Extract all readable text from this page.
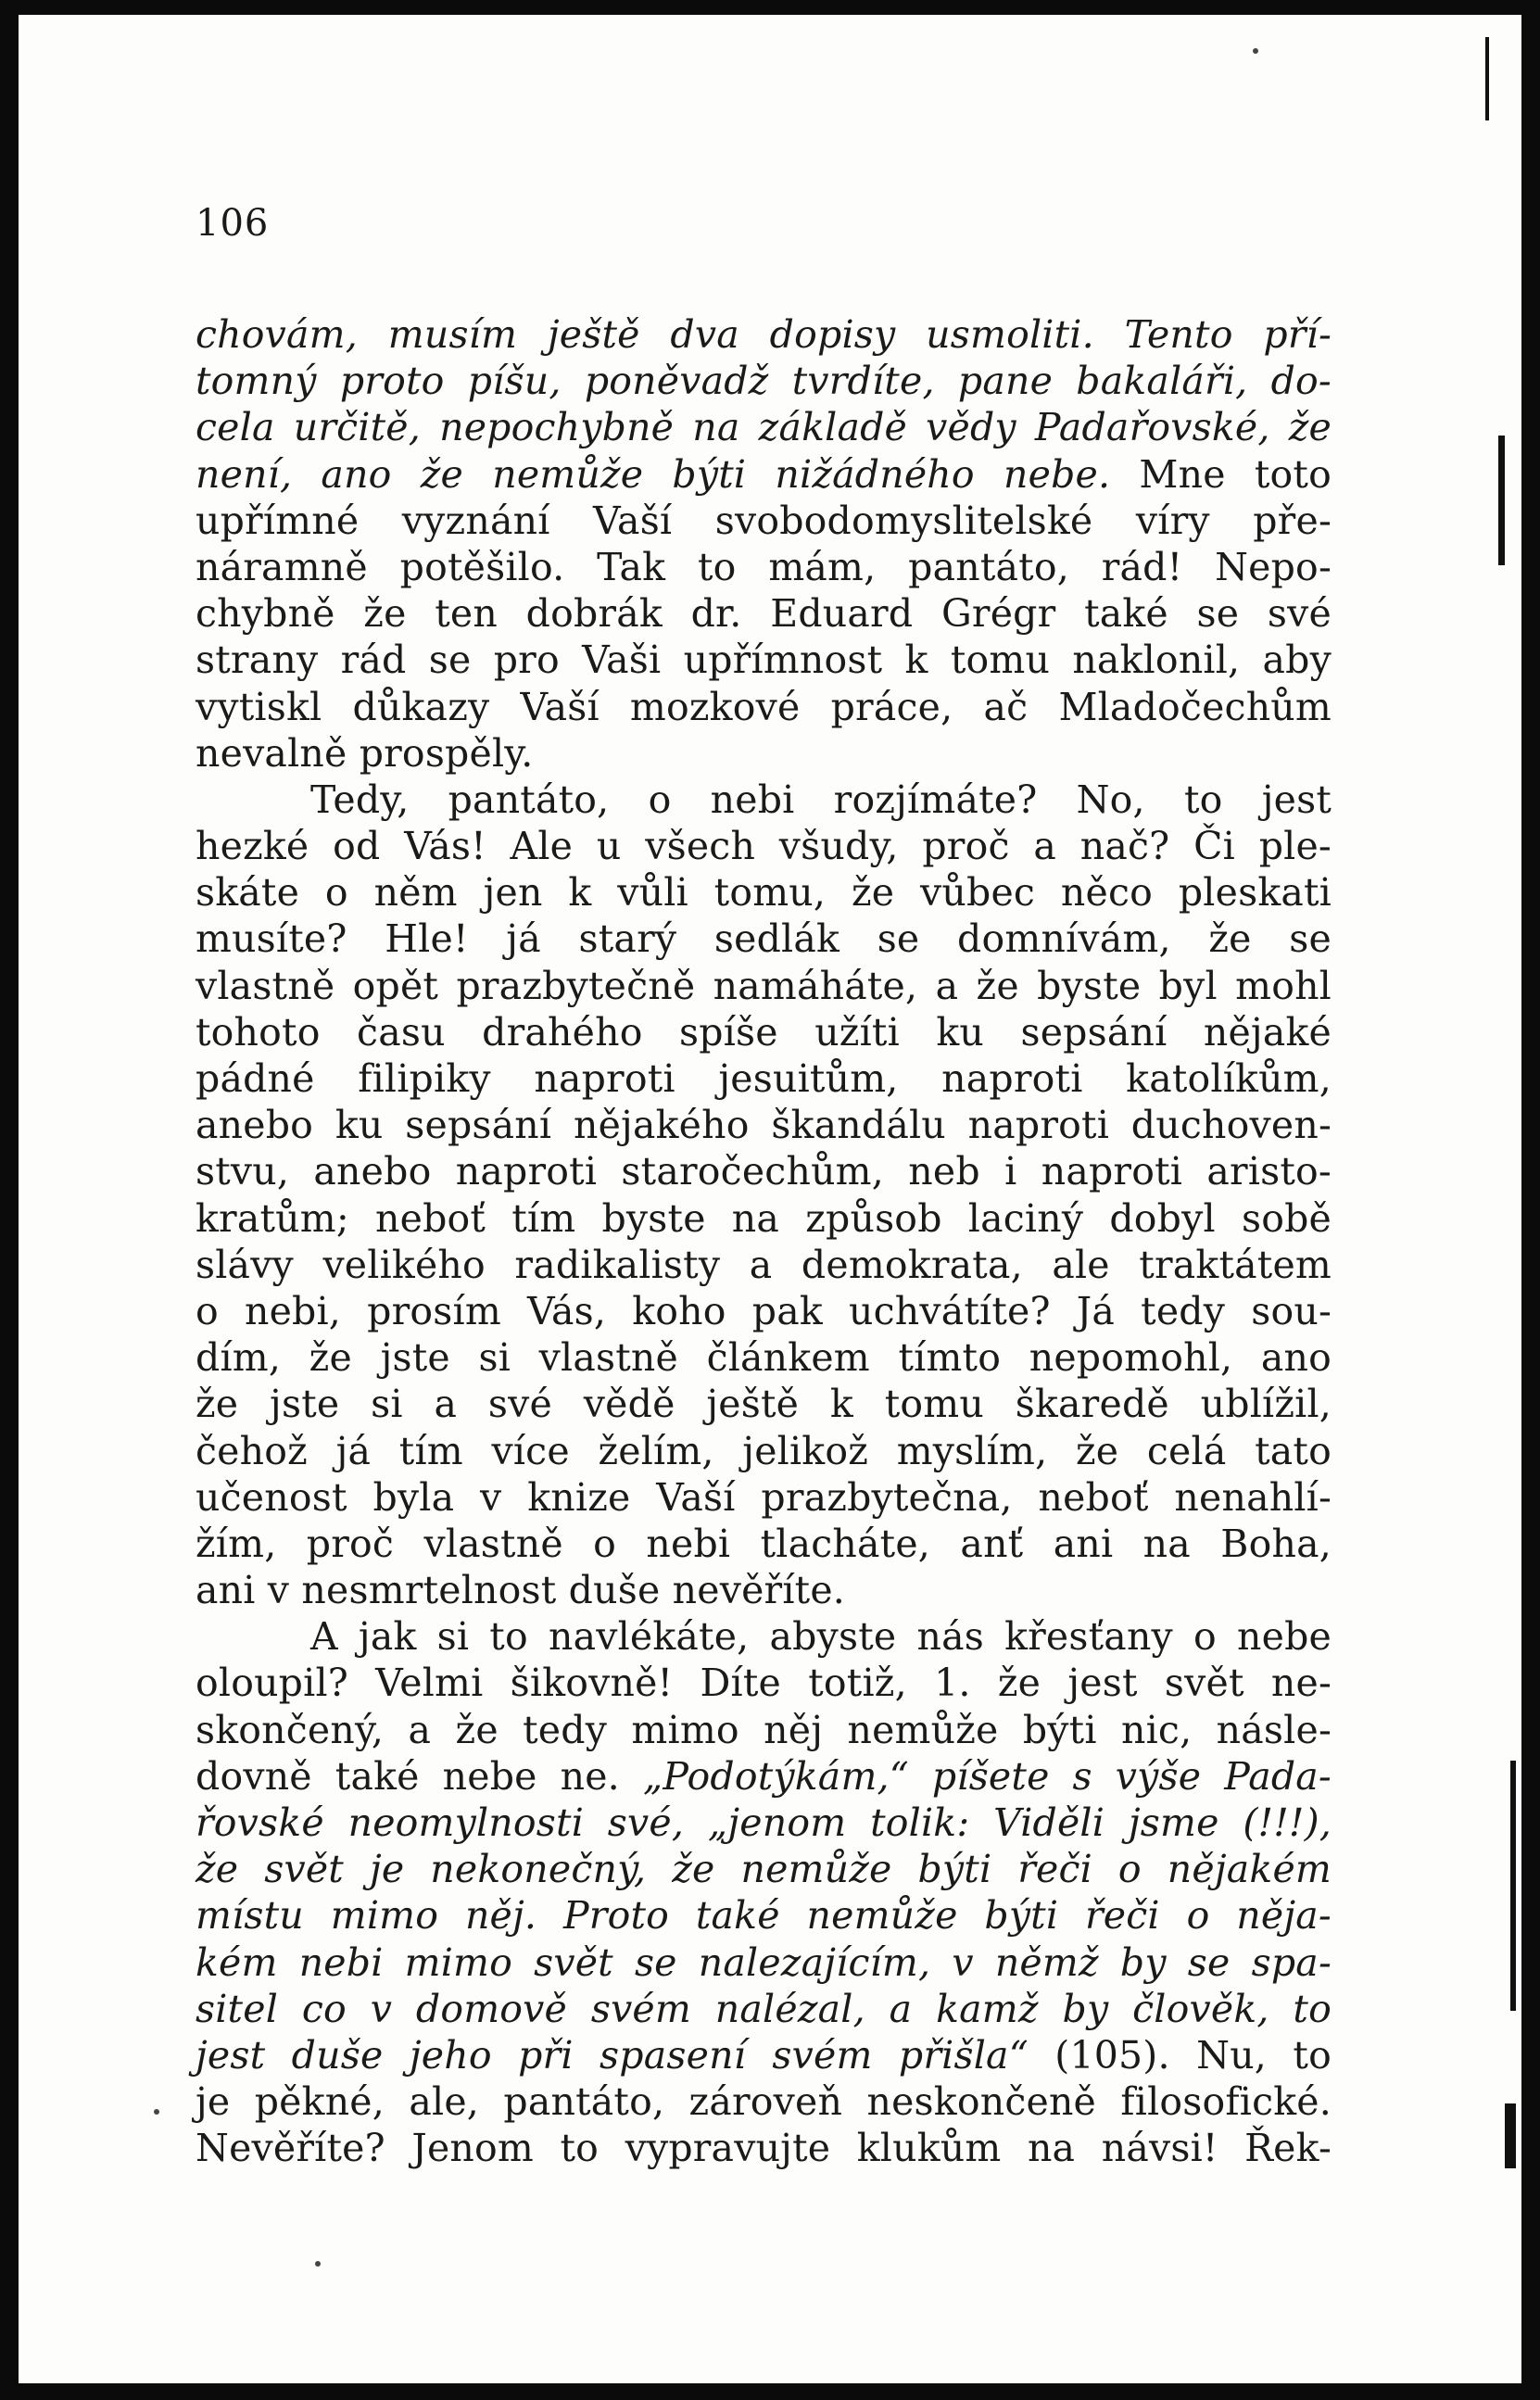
106
chovám, musím ještě dva dopisy usmoliti. Tento pří-
tomný proto píšu, poněvadž tvrdíte, pane bakaláři, do-
cela určitě, nepochybně na základě vědy Padařovské, že
není, ano že nemůže býti nižádného nebe. Mne toto
upřímné vyznání Vaší svobodomyslitelské víry pře-
náramně potěšilo. Tak to mám, pantáto, rád! Nepo-
chybně že ten dobrák dr. Eduard Grégr také se své
strany rád se pro Vaši upřímnost k tomu naklonil, aby
vytiskl důkazy Vaší mozkové práce, ač Mladočechům
nevalně prospěly.
Tedy, pantáto, o nebi rozjímáte? No, to jest
hezké od Vás! Ale u všech všudy, proč a nač? Či ple-
skáte o něm jen k vůli tomu, že vůbec něco pleskati
musíte? Hle! já starý sedlák se domnívám, že se
vlastně opět prazbytečně namáháte, a že byste byl mohl
tohoto času drahého spíše užíti ku sepsání nějaké
pádné filipiky naproti jesuitům, naproti katolíkům,
anebo ku sepsání nějakého škandálu naproti duchoven-
stvu, anebo naproti staročechům, neb i naproti aristo-
kratům; neboť tím byste na způsob laciný dobyl sobě
slávy velikého radikalisty a demokrata, ale traktátem
o nebi, prosím Vás, koho pak uchvátíte? Já tedy sou-
dím, že jste si vlastně článkem tímto nepomohl, ano
že jste si a své vědě ještě k tomu škaredě ublížil,
čehož já tím více želím, jelikož myslím, že celá tato
učenost byla v knize Vaší prazbytečna, neboť nenahlí-
žím, proč vlastně o nebi tlacháte, anť ani na Boha,
ani v nesmrtelnost duše nevěříte.
A jak si to navlékáte, abyste nás křesťany o nebe
oloupil? Velmi šikovně! Díte totiž, 1. že jest svět ne-
skončený, a že tedy mimo něj nemůže býti nic, násle-
dovně také nebe ne. „Podotýkám,“ píšete s výše Pada-
řovské neomylnosti své, „jenom tolik: Viděli jsme (!!!),
že svět je nekonečný, že nemůže býti řeči o nějakém
místu mimo něj. Proto také nemůže býti řeči o něja-
kém nebi mimo svět se nalezajícím, v němž by se spa-
sitel co v domově svém nalézal, a kamž by člověk, to
jest duše jeho při spasení svém přišla“ (105). Nu, to
je pěkné, ale, pantáto, zároveň neskončeně filosofické.
Nevěříte? Jenom to vypravujte klukům na návsi! Řek-
